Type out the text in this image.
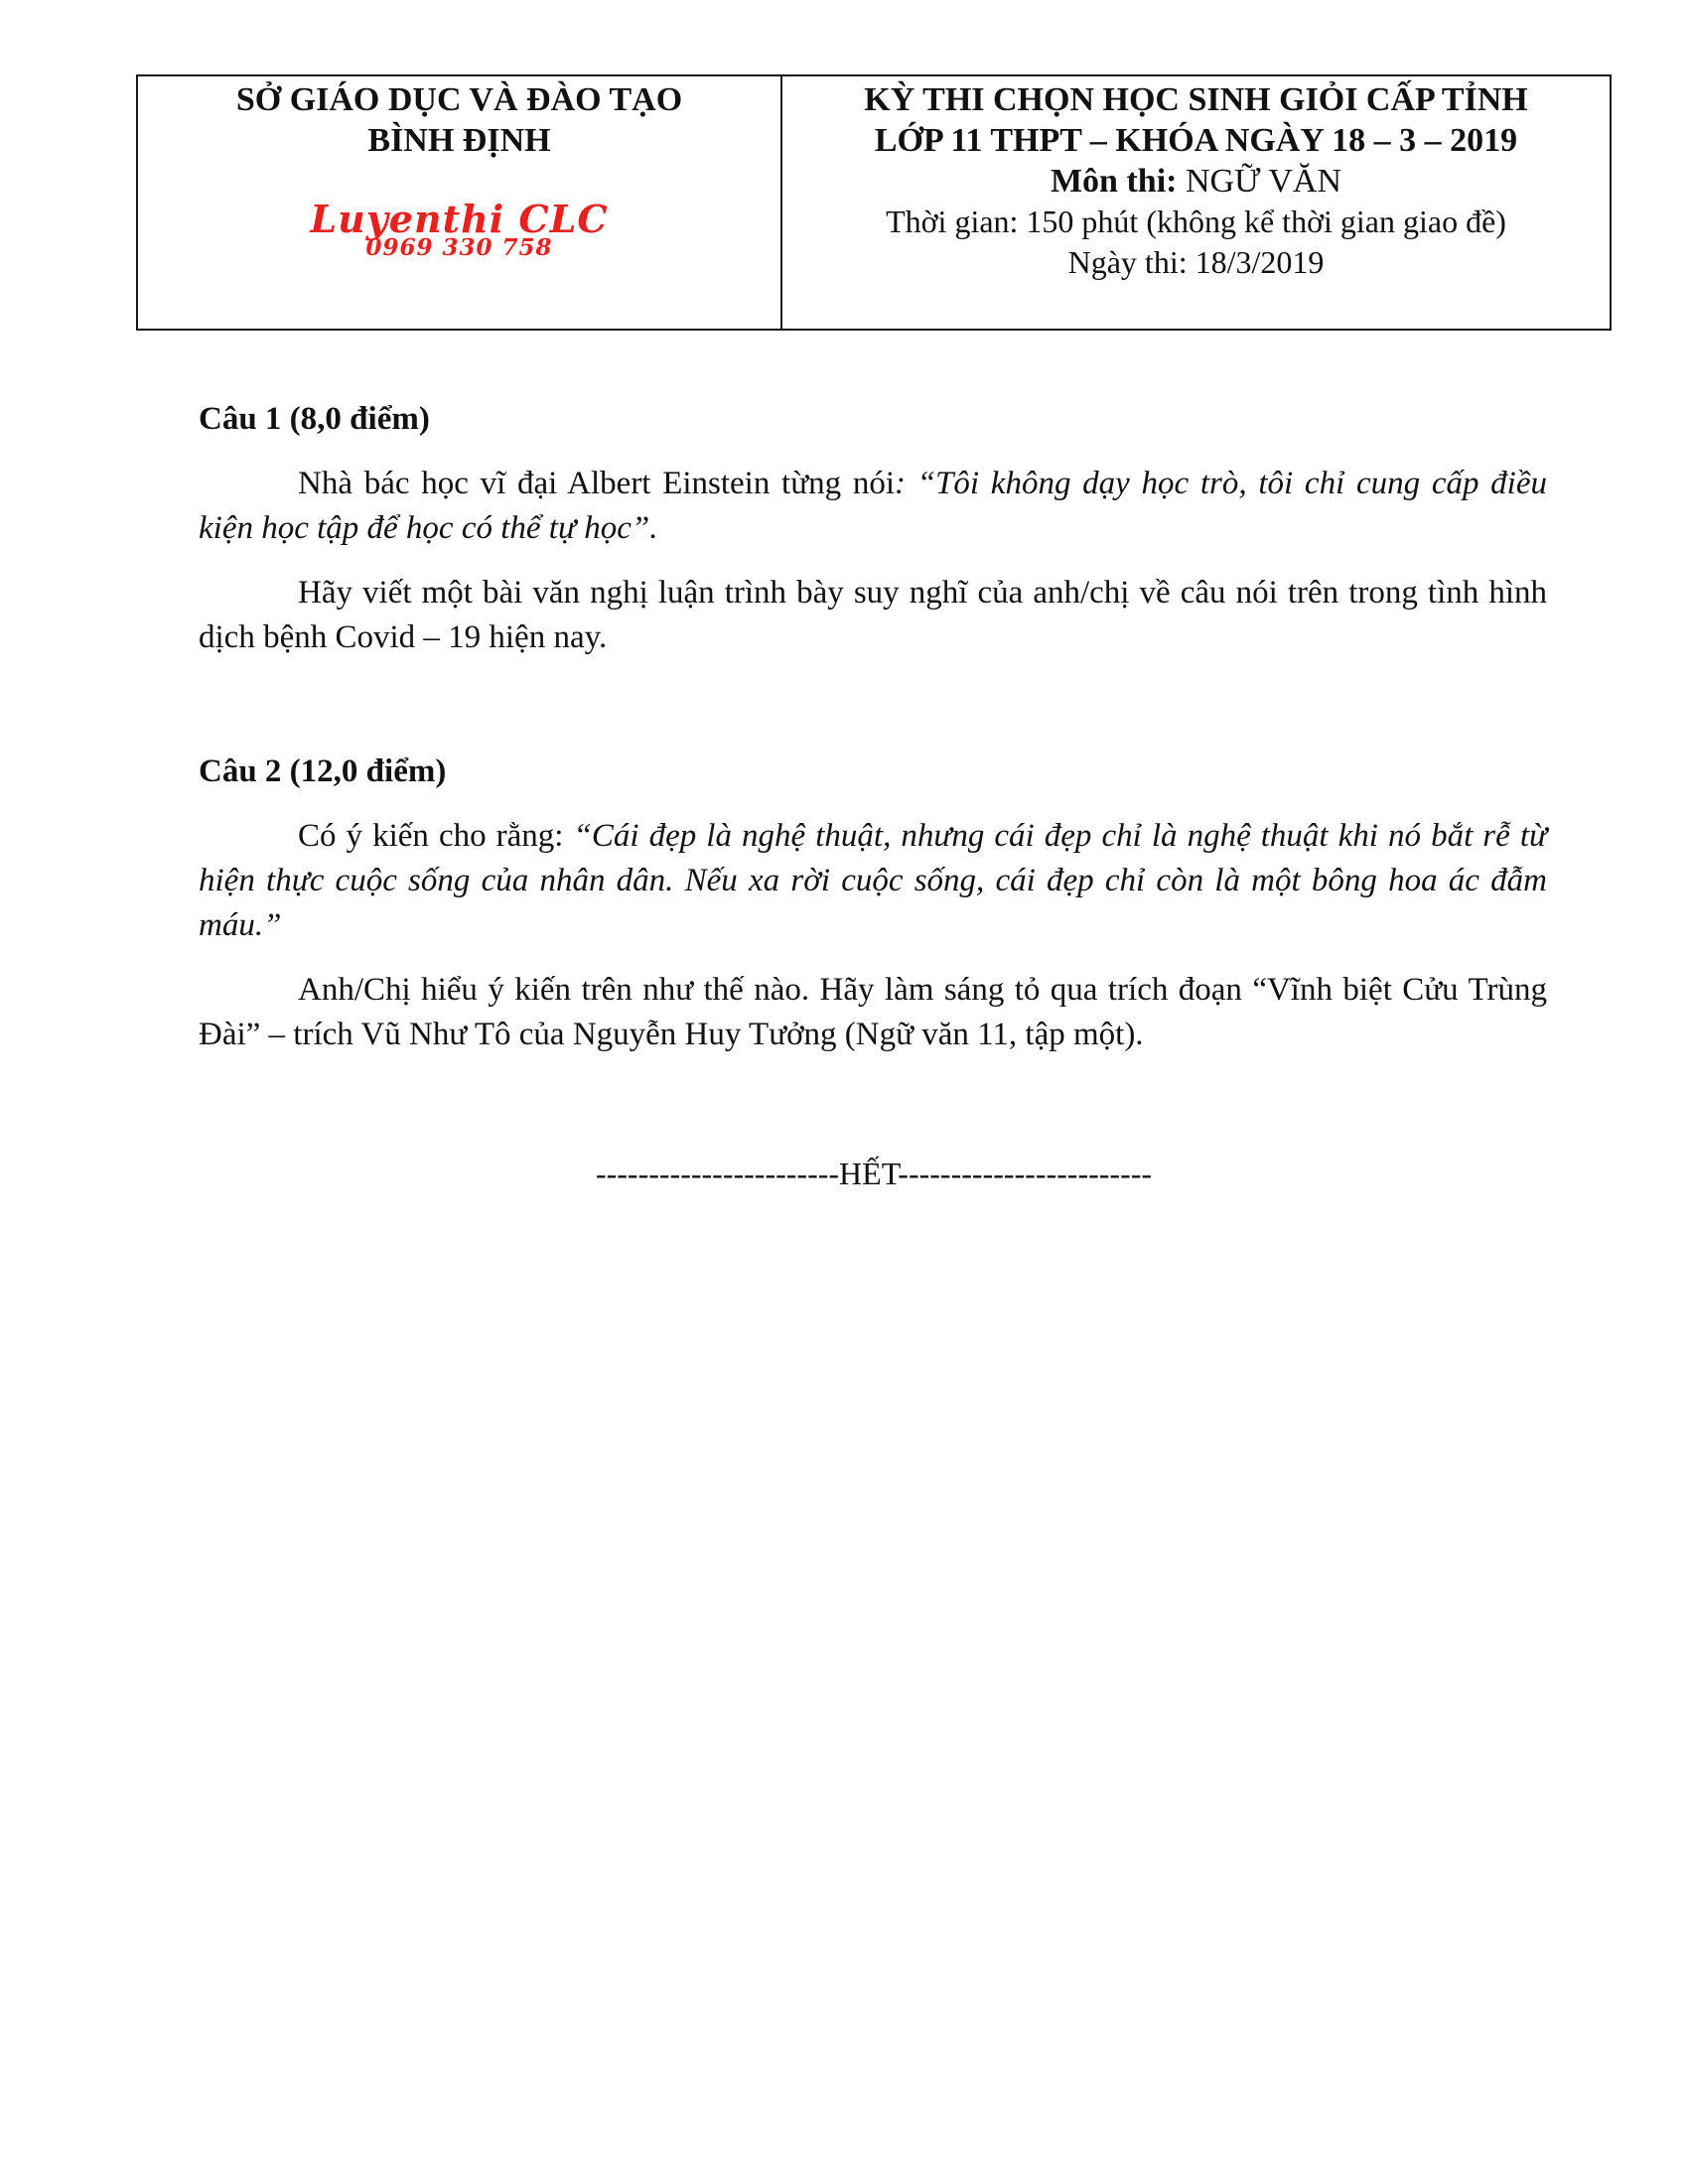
SỞ GIÁO DỤC VÀ ĐÀO TẠO
BÌNH ĐỊNH
Luyenthi CLC
0969 330 758
KỲ THI CHỌN HỌC SINH GIỎI CẤP TỈNH
LỚP 11 THPT – KHÓA NGÀY 18 – 3 – 2019
Môn thi: NGỮ VĂN
Thời gian: 150 phút (không kể thời gian giao đề)
Ngày thi: 18/3/2019
Câu 1 (8,0 điểm)
Nhà bác học vĩ đại Albert Einstein từng nói: “Tôi không dạy học trò, tôi chỉ cung cấp điều kiện học tập để học có thể tự học”.
Hãy viết một bài văn nghị luận trình bày suy nghĩ của anh/chị về câu nói trên trong tình hình dịch bệnh Covid – 19 hiện nay.
Câu 2 (12,0 điểm)
Có ý kiến cho rằng: “Cái đẹp là nghệ thuật, nhưng cái đẹp chỉ là nghệ thuật khi nó bắt rễ từ hiện thực cuộc sống của nhân dân. Nếu xa rời cuộc sống, cái đẹp chỉ còn là một bông hoa ác đẫm máu.”
Anh/Chị hiểu ý kiến trên như thế nào. Hãy làm sáng tỏ qua trích đoạn “Vĩnh biệt Cửu Trùng Đài” – trích Vũ Như Tô của Nguyễn Huy Tưởng (Ngữ văn 11, tập một).
-----------------------HẾT------------------------
